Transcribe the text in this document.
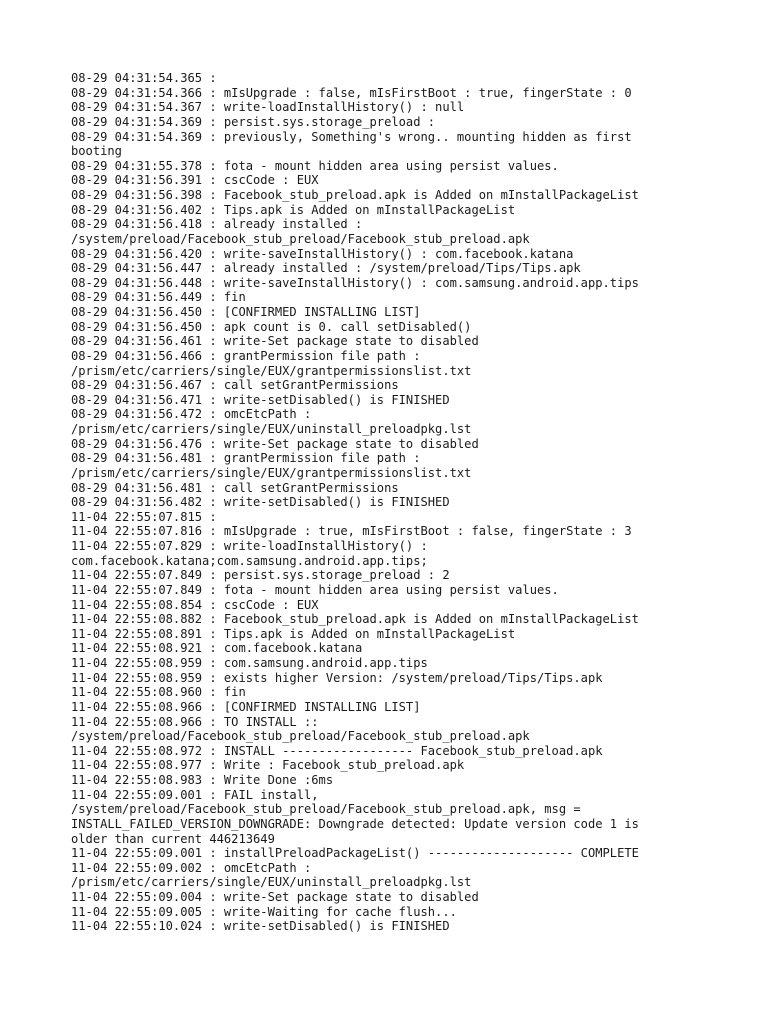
08-29 04:31:54.365 :
08-29 04:31:54.366 : mIsUpgrade : false, mIsFirstBoot : true, fingerState : 0
08-29 04:31:54.367 : write-loadInstallHistory() : null
08-29 04:31:54.369 : persist.sys.storage_preload :
08-29 04:31:54.369 : previously, Something's wrong.. mounting hidden as first
booting
08-29 04:31:55.378 : fota - mount hidden area using persist values.
08-29 04:31:56.391 : cscCode : EUX
08-29 04:31:56.398 : Facebook_stub_preload.apk is Added on mInstallPackageList
08-29 04:31:56.402 : Tips.apk is Added on mInstallPackageList
08-29 04:31:56.418 : already installed :
/system/preload/Facebook_stub_preload/Facebook_stub_preload.apk
08-29 04:31:56.420 : write-saveInstallHistory() : com.facebook.katana
08-29 04:31:56.447 : already installed : /system/preload/Tips/Tips.apk
08-29 04:31:56.448 : write-saveInstallHistory() : com.samsung.android.app.tips
08-29 04:31:56.449 : fin
08-29 04:31:56.450 : [CONFIRMED INSTALLING LIST]
08-29 04:31:56.450 : apk count is 0. call setDisabled()
08-29 04:31:56.461 : write-Set package state to disabled
08-29 04:31:56.466 : grantPermission file path :
/prism/etc/carriers/single/EUX/grantpermissionslist.txt
08-29 04:31:56.467 : call setGrantPermissions
08-29 04:31:56.471 : write-setDisabled() is FINISHED
08-29 04:31:56.472 : omcEtcPath :
/prism/etc/carriers/single/EUX/uninstall_preloadpkg.lst
08-29 04:31:56.476 : write-Set package state to disabled
08-29 04:31:56.481 : grantPermission file path :
/prism/etc/carriers/single/EUX/grantpermissionslist.txt
08-29 04:31:56.481 : call setGrantPermissions
08-29 04:31:56.482 : write-setDisabled() is FINISHED
11-04 22:55:07.815 :
11-04 22:55:07.816 : mIsUpgrade : true, mIsFirstBoot : false, fingerState : 3
11-04 22:55:07.829 : write-loadInstallHistory() :
com.facebook.katana;com.samsung.android.app.tips;
11-04 22:55:07.849 : persist.sys.storage_preload : 2
11-04 22:55:07.849 : fota - mount hidden area using persist values.
11-04 22:55:08.854 : cscCode : EUX
11-04 22:55:08.882 : Facebook_stub_preload.apk is Added on mInstallPackageList
11-04 22:55:08.891 : Tips.apk is Added on mInstallPackageList
11-04 22:55:08.921 : com.facebook.katana
11-04 22:55:08.959 : com.samsung.android.app.tips
11-04 22:55:08.959 : exists higher Version: /system/preload/Tips/Tips.apk
11-04 22:55:08.960 : fin
11-04 22:55:08.966 : [CONFIRMED INSTALLING LIST]
11-04 22:55:08.966 : TO INSTALL ::
/system/preload/Facebook_stub_preload/Facebook_stub_preload.apk
11-04 22:55:08.972 : INSTALL ------------------ Facebook_stub_preload.apk
11-04 22:55:08.977 : Write : Facebook_stub_preload.apk
11-04 22:55:08.983 : Write Done :6ms
11-04 22:55:09.001 : FAIL install,
/system/preload/Facebook_stub_preload/Facebook_stub_preload.apk, msg =
INSTALL_FAILED_VERSION_DOWNGRADE: Downgrade detected: Update version code 1 is
older than current 446213649
11-04 22:55:09.001 : installPreloadPackageList() -------------------- COMPLETE
11-04 22:55:09.002 : omcEtcPath :
/prism/etc/carriers/single/EUX/uninstall_preloadpkg.lst
11-04 22:55:09.004 : write-Set package state to disabled
11-04 22:55:09.005 : write-Waiting for cache flush...
11-04 22:55:10.024 : write-setDisabled() is FINISHED
